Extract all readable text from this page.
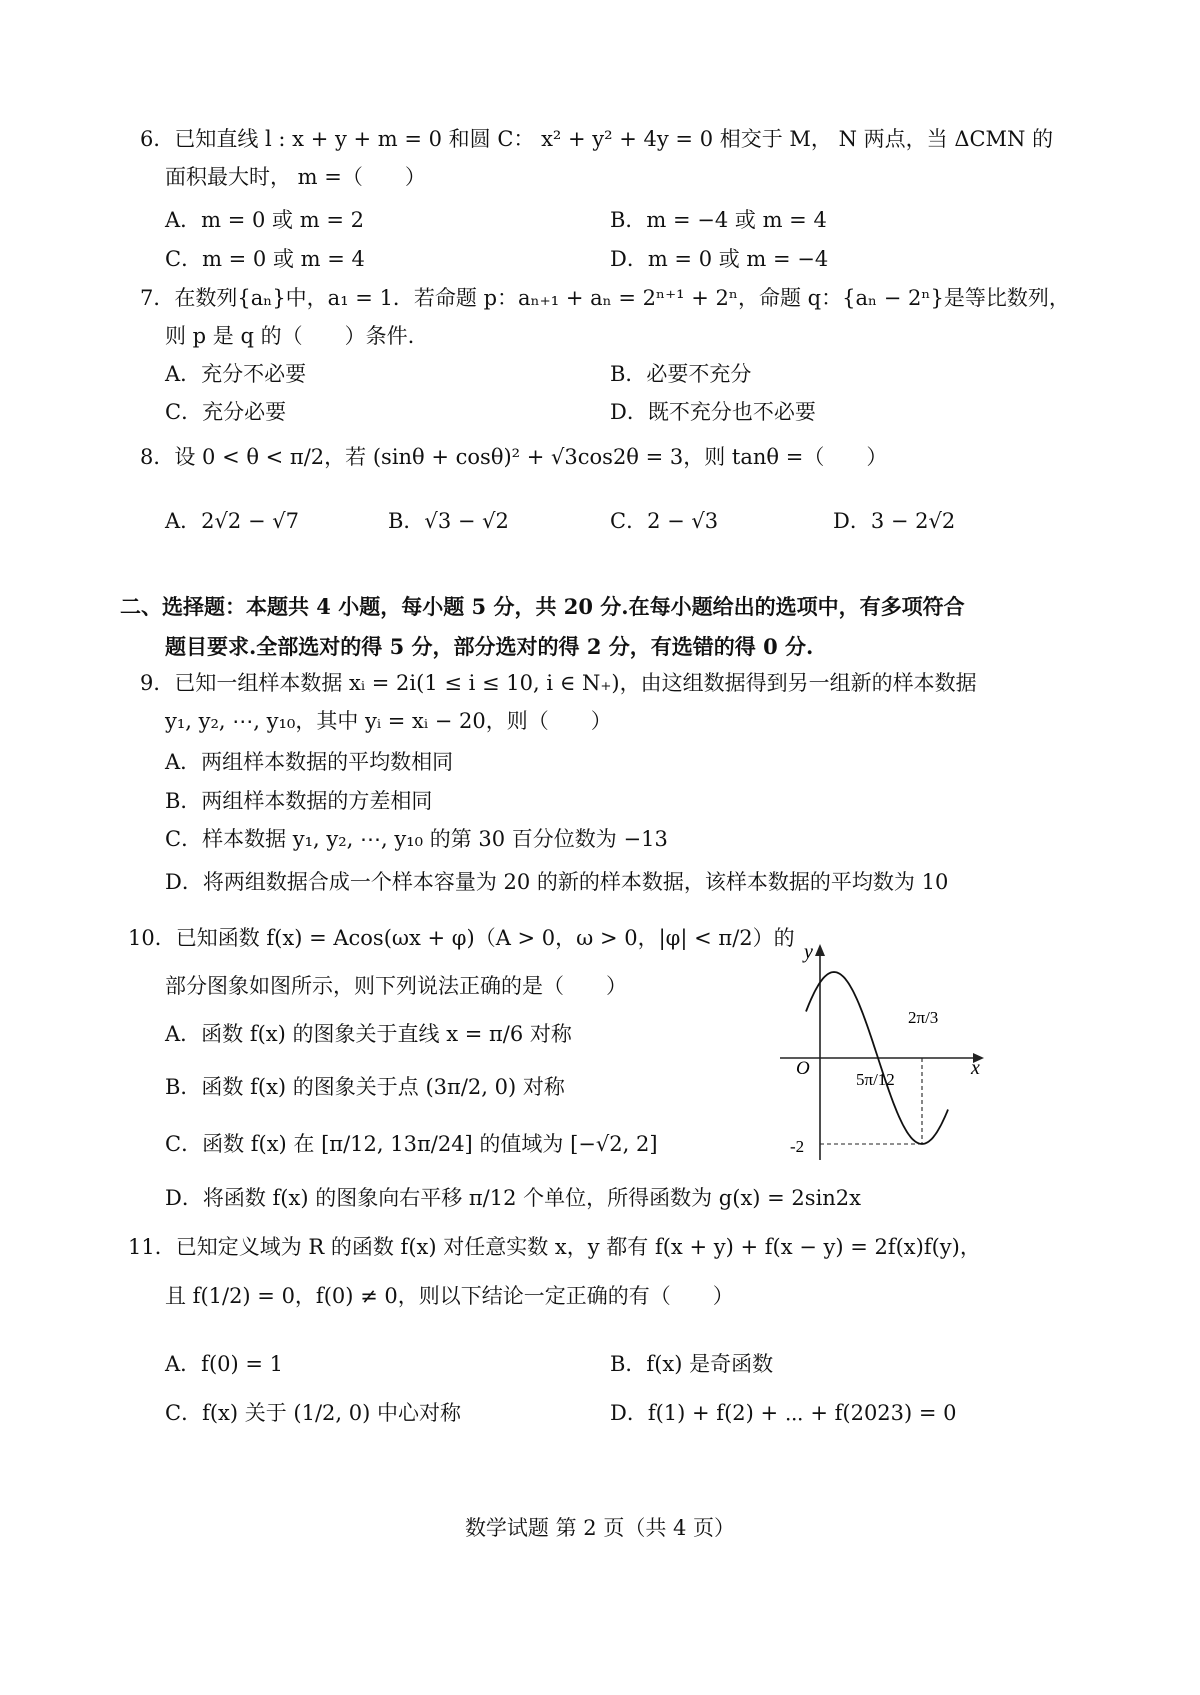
6．已知直线 l : x + y + m = 0 和圆 C： x² + y² + 4y = 0 相交于 M， N 两点，当 ΔCMN 的
面积最大时， m =（　　）
A．m = 0 或 m = 2	B．m = −4 或 m = 4
C．m = 0 或 m = 4	D．m = 0 或 m = −4
7．在数列{aₙ}中，a₁ = 1．若命题 p：aₙ₊₁ + aₙ = 2ⁿ⁺¹ + 2ⁿ，命题 q：{aₙ − 2ⁿ}是等比数列，
则 p 是 q 的（　　）条件.
A．充分不必要	B．必要不充分
C．充分必要	D．既不充分也不必要
8．设 0 < θ < π/2，若 (sinθ + cosθ)² + √3cos2θ = 3，则 tanθ =（　　）
A．2√2 − √7	B．√3 − √2	C．2 − √3	D．3 − 2√2
二、选择题：本题共 4 小题，每小题 5 分，共 20 分.在每小题给出的选项中，有多项符合
题目要求.全部选对的得 5 分，部分选对的得 2 分，有选错的得 0 分.
9．已知一组样本数据 xᵢ = 2i(1 ≤ i ≤ 10, i ∈ N₊)，由这组数据得到另一组新的样本数据
y₁, y₂, ⋯, y₁₀，其中 yᵢ = xᵢ − 20，则（　　）
A．两组样本数据的平均数相同
B．两组样本数据的方差相同
C．样本数据 y₁, y₂, ⋯, y₁₀ 的第 30 百分位数为 −13
D．将两组数据合成一个样本容量为 20 的新的样本数据，该样本数据的平均数为 10
10．已知函数 f(x) = Acos(ωx + φ)（A > 0，ω > 0，|φ| < π/2）的
部分图象如图所示，则下列说法正确的是（　　）
A．函数 f(x) 的图象关于直线 x = π/6 对称
B．函数 f(x) 的图象关于点 (3π/2, 0) 对称
C．函数 f(x) 在 [π/12, 13π/24] 的值域为 [−√2, 2]
D．将函数 f(x) 的图象向右平移 π/12 个单位，所得函数为 g(x) = 2sin2x
y
x
O
5π/12
2π/3
-2
11．已知定义域为 R 的函数 f(x) 对任意实数 x，y 都有 f(x + y) + f(x − y) = 2f(x)f(y)，
且 f(1/2) = 0，f(0) ≠ 0，则以下结论一定正确的有（　　）
A．f(0) = 1	B．f(x) 是奇函数
C．f(x) 关于 (1/2, 0) 中心对称	D．f(1) + f(2) + ⋯ + f(2023) = 0
数学试题 第 2 页（共 4 页）
